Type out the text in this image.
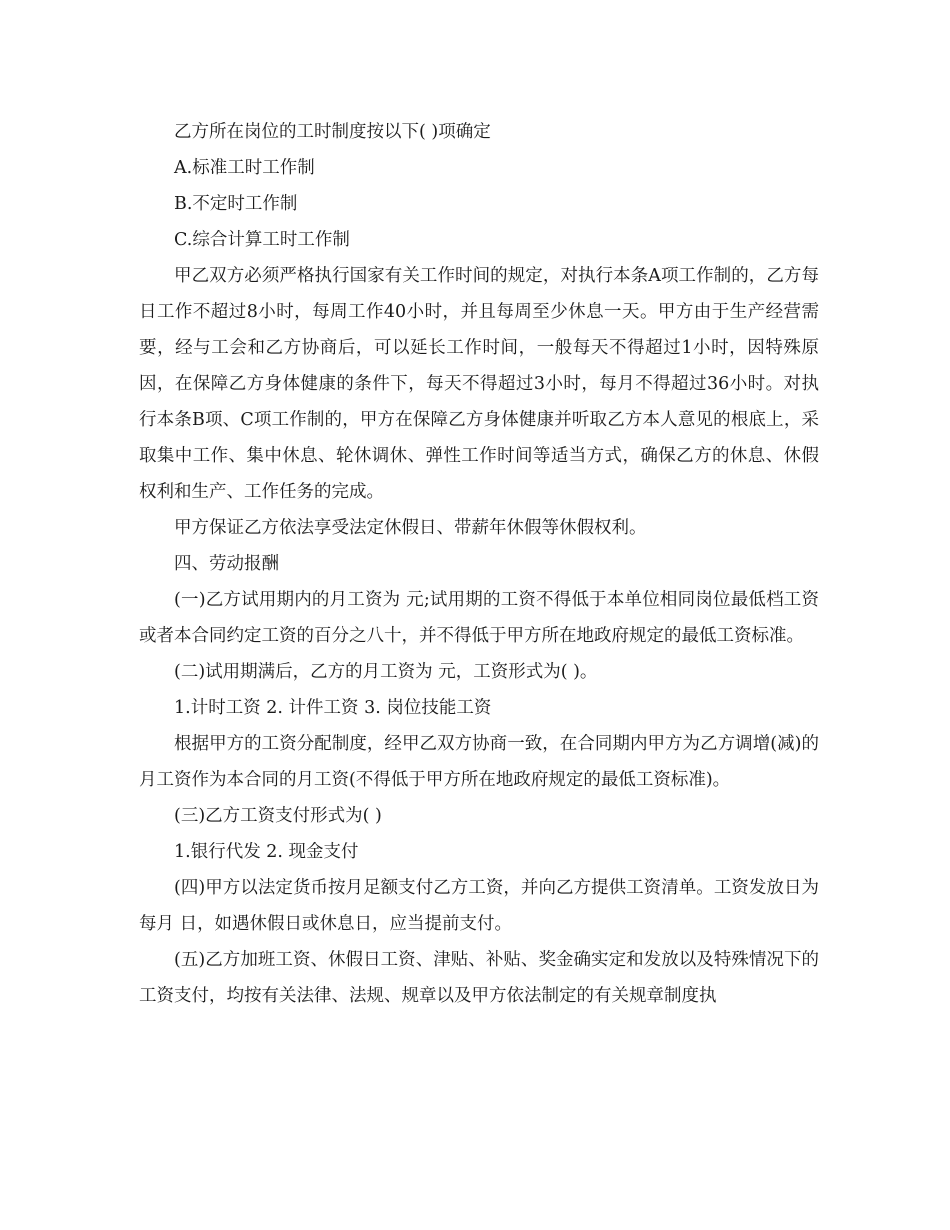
乙方所在岗位的工时制度按以下( )项确定

A.标准工时工作制

B.不定时工作制

C.综合计算工时工作制

甲乙双方必须严格执行国家有关工作时间的规定，对执行本条A项工作制的，乙方每日工作不超过8小时，每周工作40小时，并且每周至少休息一天。甲方由于生产经营需要，经与工会和乙方协商后，可以延长工作时间，一般每天不得超过1小时，因特殊原因，在保障乙方身体健康的条件下，每天不得超过3小时，每月不得超过36小时。对执行本条B项、C项工作制的，甲方在保障乙方身体健康并听取乙方本人意见的根底上，采取集中工作、集中休息、轮休调休、弹性工作时间等适当方式，确保乙方的休息、休假权利和生产、工作任务的完成。

甲方保证乙方依法享受法定休假日、带薪年休假等休假权利。

四、劳动报酬

(一)乙方试用期内的月工资为 元;试用期的工资不得低于本单位相同岗位最低档工资或者本合同约定工资的百分之八十，并不得低于甲方所在地政府规定的最低工资标准。

(二)试用期满后，乙方的月工资为 元，工资形式为( )。

1.计时工资 2. 计件工资 3. 岗位技能工资

根据甲方的工资分配制度，经甲乙双方协商一致，在合同期内甲方为乙方调增(减)的月工资作为本合同的月工资(不得低于甲方所在地政府规定的最低工资标准)。

(三)乙方工资支付形式为( )

1.银行代发 2. 现金支付

(四)甲方以法定货币按月足额支付乙方工资，并向乙方提供工资清单。工资发放日为每月 日，如遇休假日或休息日，应当提前支付。

(五)乙方加班工资、休假日工资、津贴、补贴、奖金确实定和发放以及特殊情况下的工资支付，均按有关法律、法规、规章以及甲方依法制定的有关规章制度执
